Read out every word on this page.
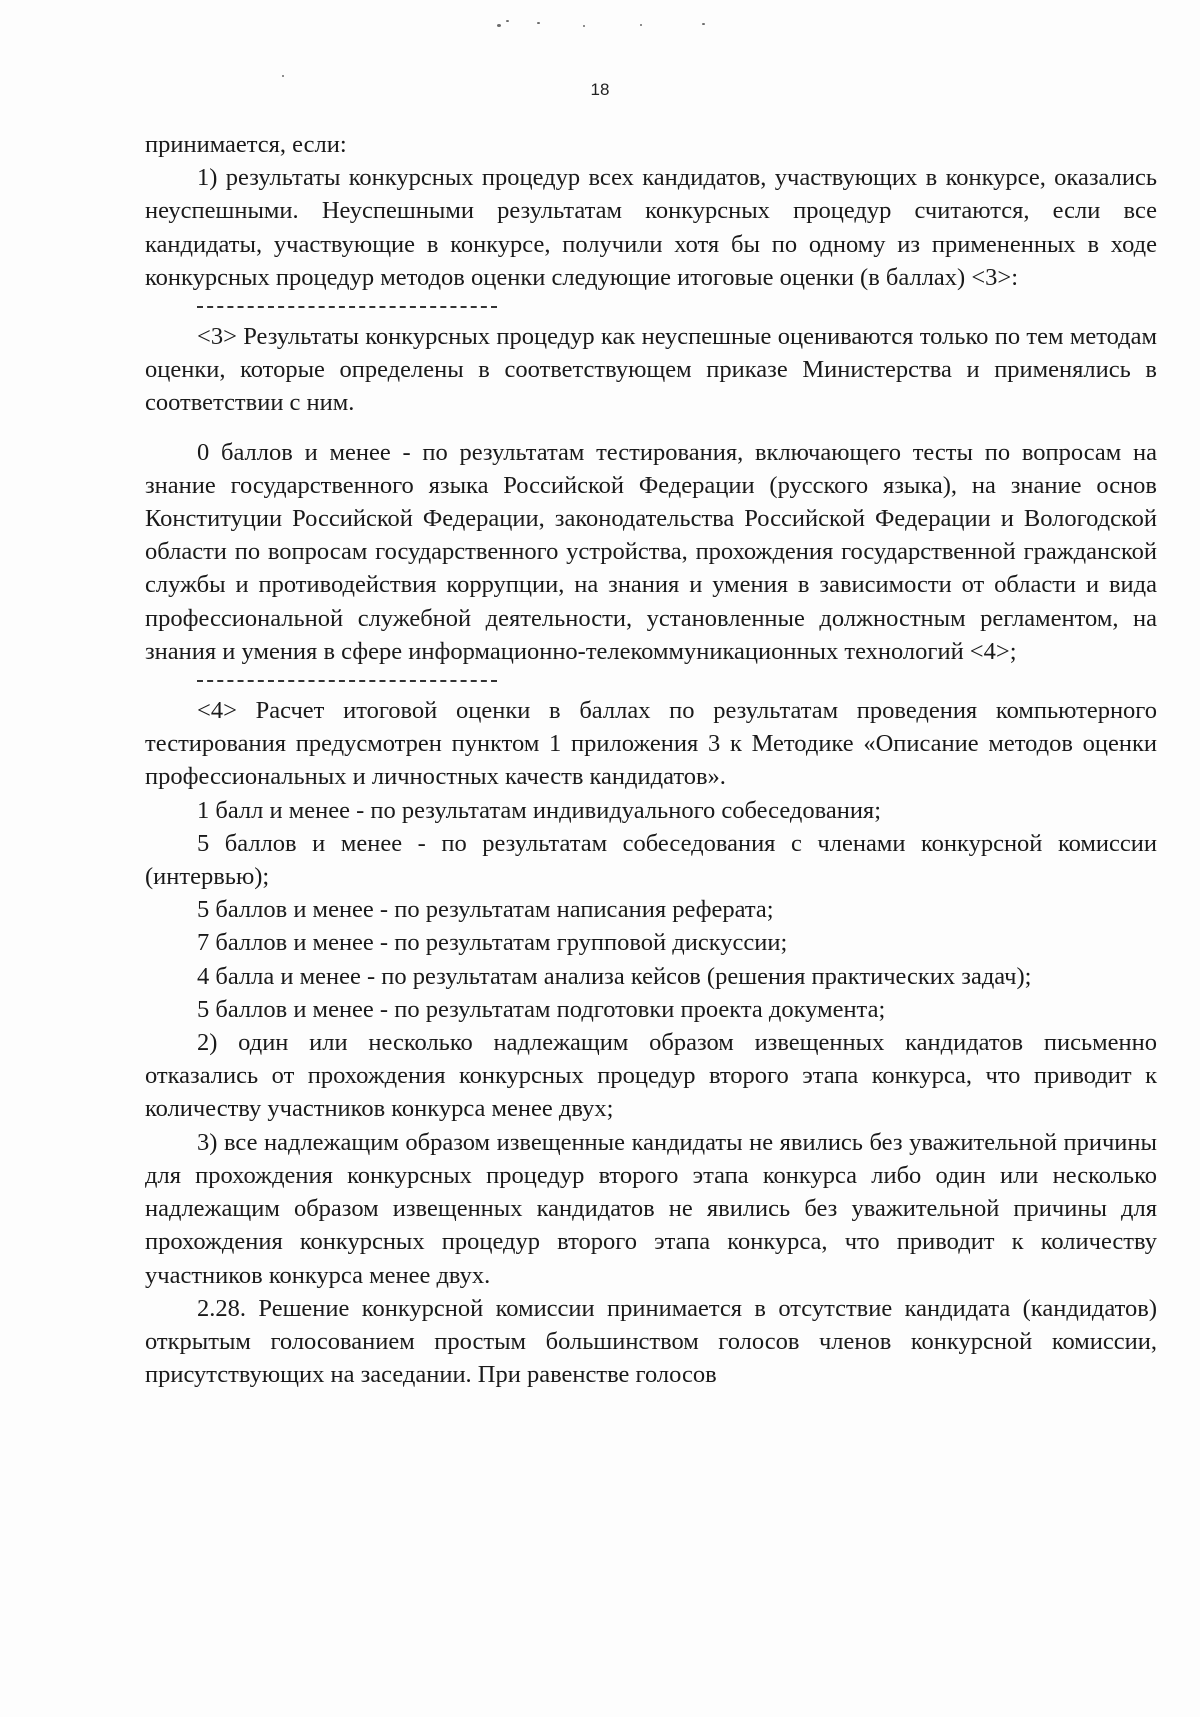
18

принимается, если:

1) результаты конкурсных процедур всех кандидатов, участвующих в конкурсе, оказались неуспешными. Неуспешными результатам конкурсных процедур считаются, если все кандидаты, участвующие в конкурсе, получили хотя бы по одному из примененных в ходе конкурсных процедур методов оценки следующие итоговые оценки (в баллах) <3>:

<3> Результаты конкурсных процедур как неуспешные оцениваются только по тем методам оценки, которые определены в соответствующем приказе Министерства и применялись в соответствии с ним.

0 баллов и менее - по результатам тестирования, включающего тесты по вопросам на знание государственного языка Российской Федерации (русского языка), на знание основ Конституции Российской Федерации, законодательства Российской Федерации и Вологодской области по вопросам государственного устройства, прохождения государственной гражданской службы и противодействия коррупции, на знания и умения в зависимости от области и вида профессиональной служебной деятельности, установленные должностным регламентом, на знания и умения в сфере информационно-телекоммуникационных технологий <4>;

<4> Расчет итоговой оценки в баллах по результатам проведения компьютерного тестирования предусмотрен пунктом 1 приложения 3 к Методике «Описание методов оценки профессиональных и личностных качеств кандидатов».

1 балл и менее - по результатам индивидуального собеседования;

5 баллов и менее - по результатам собеседования с членами конкурсной комиссии (интервью);

5 баллов и менее - по результатам написания реферата;

7 баллов и менее - по результатам групповой дискуссии;

4 балла и менее - по результатам анализа кейсов (решения практических задач);

5 баллов и менее - по результатам подготовки проекта документа;

2) один или несколько надлежащим образом извещенных кандидатов письменно отказались от прохождения конкурсных процедур второго этапа конкурса, что приводит к количеству участников конкурса менее двух;

3) все надлежащим образом извещенные кандидаты не явились без уважительной причины для прохождения конкурсных процедур второго этапа конкурса либо один или несколько надлежащим образом извещенных кандидатов не явились без уважительной причины для прохождения конкурсных процедур второго этапа конкурса, что приводит к количеству участников конкурса менее двух.

2.28. Решение конкурсной комиссии принимается в отсутствие кандидата (кандидатов) открытым голосованием простым большинством голосов членов конкурсной комиссии, присутствующих на заседании. При равенстве голосов
